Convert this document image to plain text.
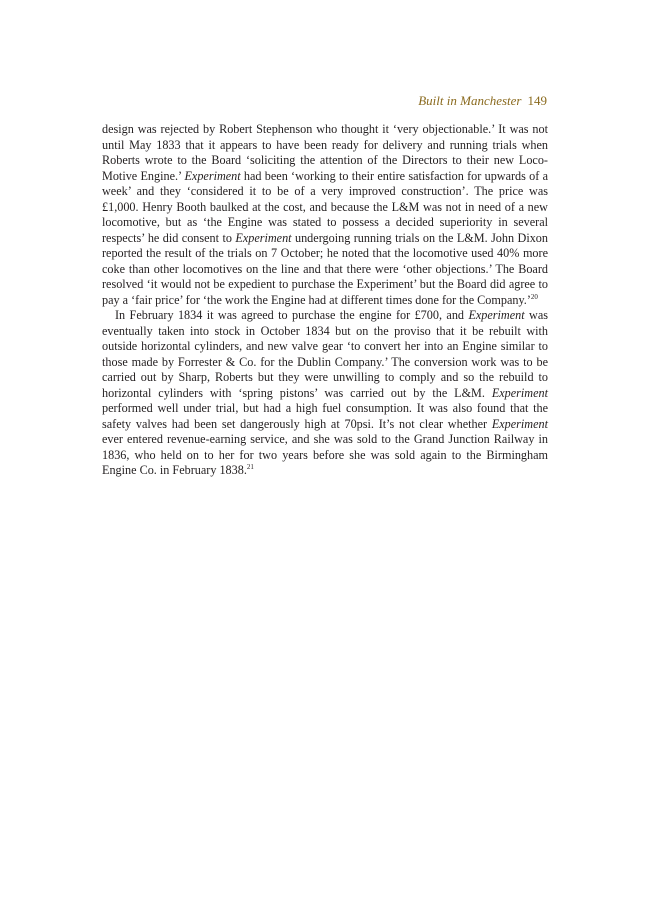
Built in Manchester 149

design was rejected by Robert Stephenson who thought it ‘very objectionable.’ It was not until May 1833 that it appears to have been ready for delivery and running trials when Roberts wrote to the Board ‘soliciting the attention of the Directors to their new Loco-Motive Engine.’ Experiment had been ‘working to their entire satisfaction for upwards of a week’ and they ‘considered it to be of a very improved construction’. The price was £1,000. Henry Booth baulked at the cost, and because the L&M was not in need of a new locomotive, but as ‘the Engine was stated to possess a decided superiority in several respects’ he did consent to Experiment undergoing running trials on the L&M. John Dixon reported the result of the trials on 7 October; he noted that the locomotive used 40% more coke than other locomotives on the line and that there were ‘other objections.’ The Board resolved ‘it would not be expedient to purchase the Experiment’ but the Board did agree to pay a ‘fair price’ for ‘the work the Engine had at different times done for the Company.’$^{20}$

In February 1834 it was agreed to purchase the engine for £700, and Experiment was eventually taken into stock in October 1834 but on the proviso that it be rebuilt with outside horizontal cylinders, and new valve gear ‘to convert her into an Engine similar to those made by Forrester & Co. for the Dublin Company.’ The conversion work was to be carried out by Sharp, Roberts but they were unwilling to comply and so the rebuild to horizontal cylinders with ‘spring pistons’ was carried out by the L&M. Experiment performed well under trial, but had a high fuel consumption. It was also found that the safety valves had been set dangerously high at 70psi. It’s not clear whether Experiment ever entered revenue-earning service, and she was sold to the Grand Junction Railway in 1836, who held on to her for two years before she was sold again to the Birmingham Engine Co. in February 1838.21
